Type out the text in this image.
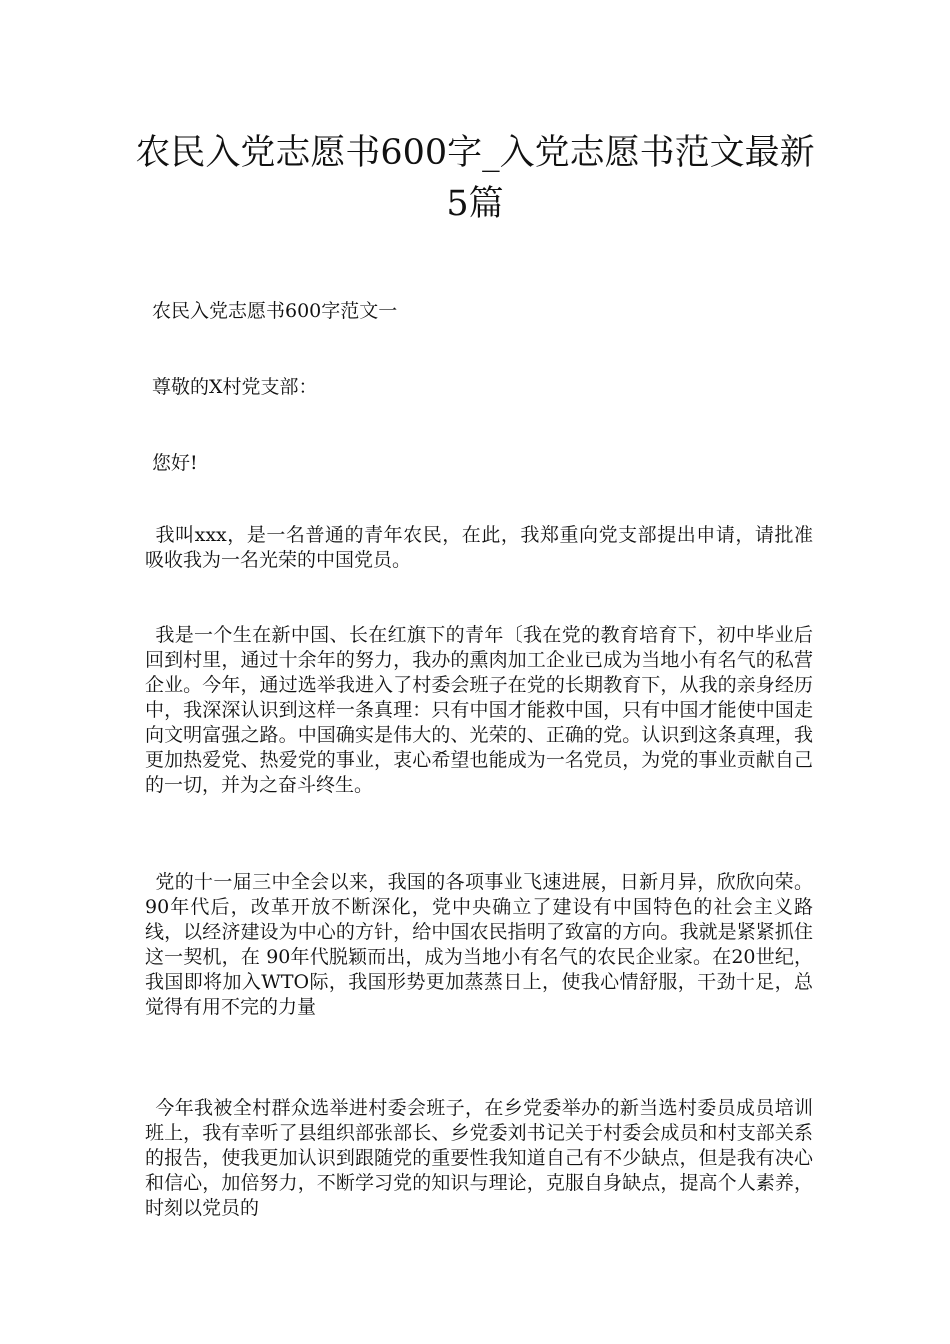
农民入党志愿书600字_入党志愿书范文最新5篇

农民入党志愿书600字范文一

尊敬的X村党支部：

您好!

我叫xxx，是一名普通的青年农民，在此，我郑重向党支部提出申请，请批准吸收我为一名光荣的中国党员。

我是一个生在新中国、长在红旗下的青年〔我在党的教育培育下，初中毕业后回到村里，通过十余年的努力，我办的熏肉加工企业已成为当地小有名气的私营企业。今年，通过选举我进入了村委会班子在党的长期教育下，从我的亲身经历中，我深深认识到这样一条真理：只有中国才能救中国，只有中国才能使中国走向文明富强之路。中国确实是伟大的、光荣的、正确的党。认识到这条真理，我更加热爱党、热爱党的事业，衷心希望也能成为一名党员，为党的事业贡献自己的一切，并为之奋斗终生。

党的十一届三中全会以来，我国的各项事业飞速进展，日新月异，欣欣向荣。90年代后，改革开放不断深化，党中央确立了建设有中国特色的社会主义路线，以经济建设为中心的方针，给中国农民指明了致富的方向。我就是紧紧抓住这一契机，在 90年代脱颖而出，成为当地小有名气的农民企业家。在20世纪，我国即将加入WTO际，我国形势更加蒸蒸日上，使我心情舒服，干劲十足，总觉得有用不完的力量

今年我被全村群众选举进村委会班子，在乡党委举办的新当选村委员成员培训班上，我有幸听了县组织部张部长、乡党委刘书记关于村委会成员和村支部关系的报告，使我更加认识到跟随党的重要性我知道自己有不少缺点，但是我有决心和信心，加倍努力，不断学习党的知识与理论，克服自身缺点，提高个人素养，时刻以党员的
